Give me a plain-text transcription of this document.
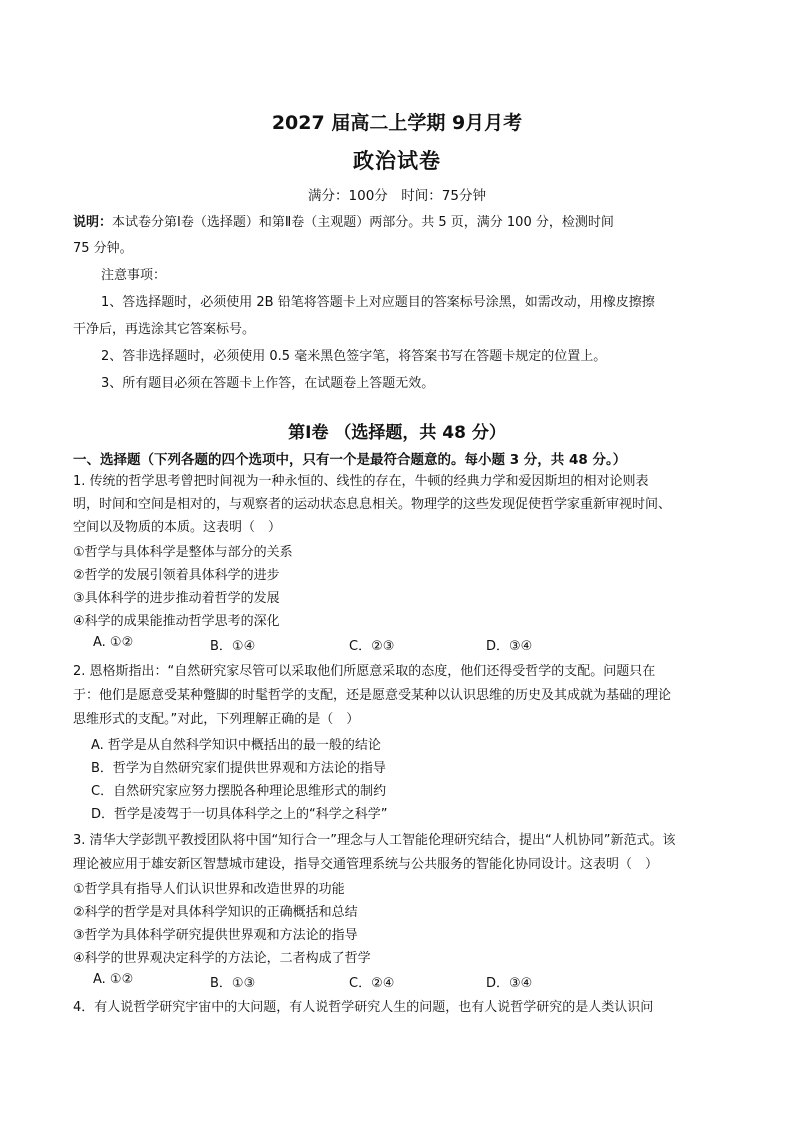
2027 届高二上学期 9月月考
政治试卷
满分：100分　时间：75分钟
说明：本试卷分第Ⅰ卷（选择题）和第Ⅱ卷（主观题）两部分。共 5 页，满分 100 分，检测时间
75 分钟。
注意事项：
1、答选择题时，必须使用 2B 铅笔将答题卡上对应题目的答案标号涂黑，如需改动，用橡皮擦擦
干净后，再选涂其它答案标号。
2、答非选择题时，必须使用 0.5 毫米黑色签字笔，将答案书写在答题卡规定的位置上。
3、所有题目必须在答题卡上作答，在试题卷上答题无效。
第Ⅰ卷 （选择题，共 48 分）
一、选择题（下列各题的四个选项中，只有一个是最符合题意的。每小题 3 分，共 48 分。）
1. 传统的哲学思考曾把时间视为一种永恒的、线性的存在，牛顿的经典力学和爱因斯坦的相对论则表
明，时间和空间是相对的，与观察者的运动状态息息相关。物理学的这些发现促使哲学家重新审视时间、
空间以及物质的本质。这表明（　）
①哲学与具体科学是整体与部分的关系
②哲学的发展引领着具体科学的进步
③具体科学的进步推动着哲学的发展
④科学的成果能推动哲学思考的深化
A. ①②	B．①④	C．②③	D．③④
2. 恩格斯指出：“自然研究家尽管可以采取他们所愿意采取的态度，他们还得受哲学的支配。问题只在
于：他们是愿意受某种蹩脚的时髦哲学的支配，还是愿意受某种以认识思维的历史及其成就为基础的理论
思维形式的支配。”对此，下列理解正确的是（　）
A. 哲学是从自然科学知识中概括出的最一般的结论
B．哲学为自然研究家们提供世界观和方法论的指导
C．自然研究家应努力摆脱各种理论思维形式的制约
D．哲学是凌驾于一切具体科学之上的“科学之科学”
3. 清华大学彭凯平教授团队将中国“知行合一”理念与人工智能伦理研究结合，提出“人机协同”新范式。该
理论被应用于雄安新区智慧城市建设，指导交通管理系统与公共服务的智能化协同设计。这表明（　）
①哲学具有指导人们认识世界和改造世界的功能
②科学的哲学是对具体科学知识的正确概括和总结
③哲学为具体科学研究提供世界观和方法论的指导
④科学的世界观决定科学的方法论，二者构成了哲学
A. ①②	B．①③	C．②④	D．③④
4．有人说哲学研究宇宙中的大问题，有人说哲学研究人生的问题，也有人说哲学研究的是人类认识问
